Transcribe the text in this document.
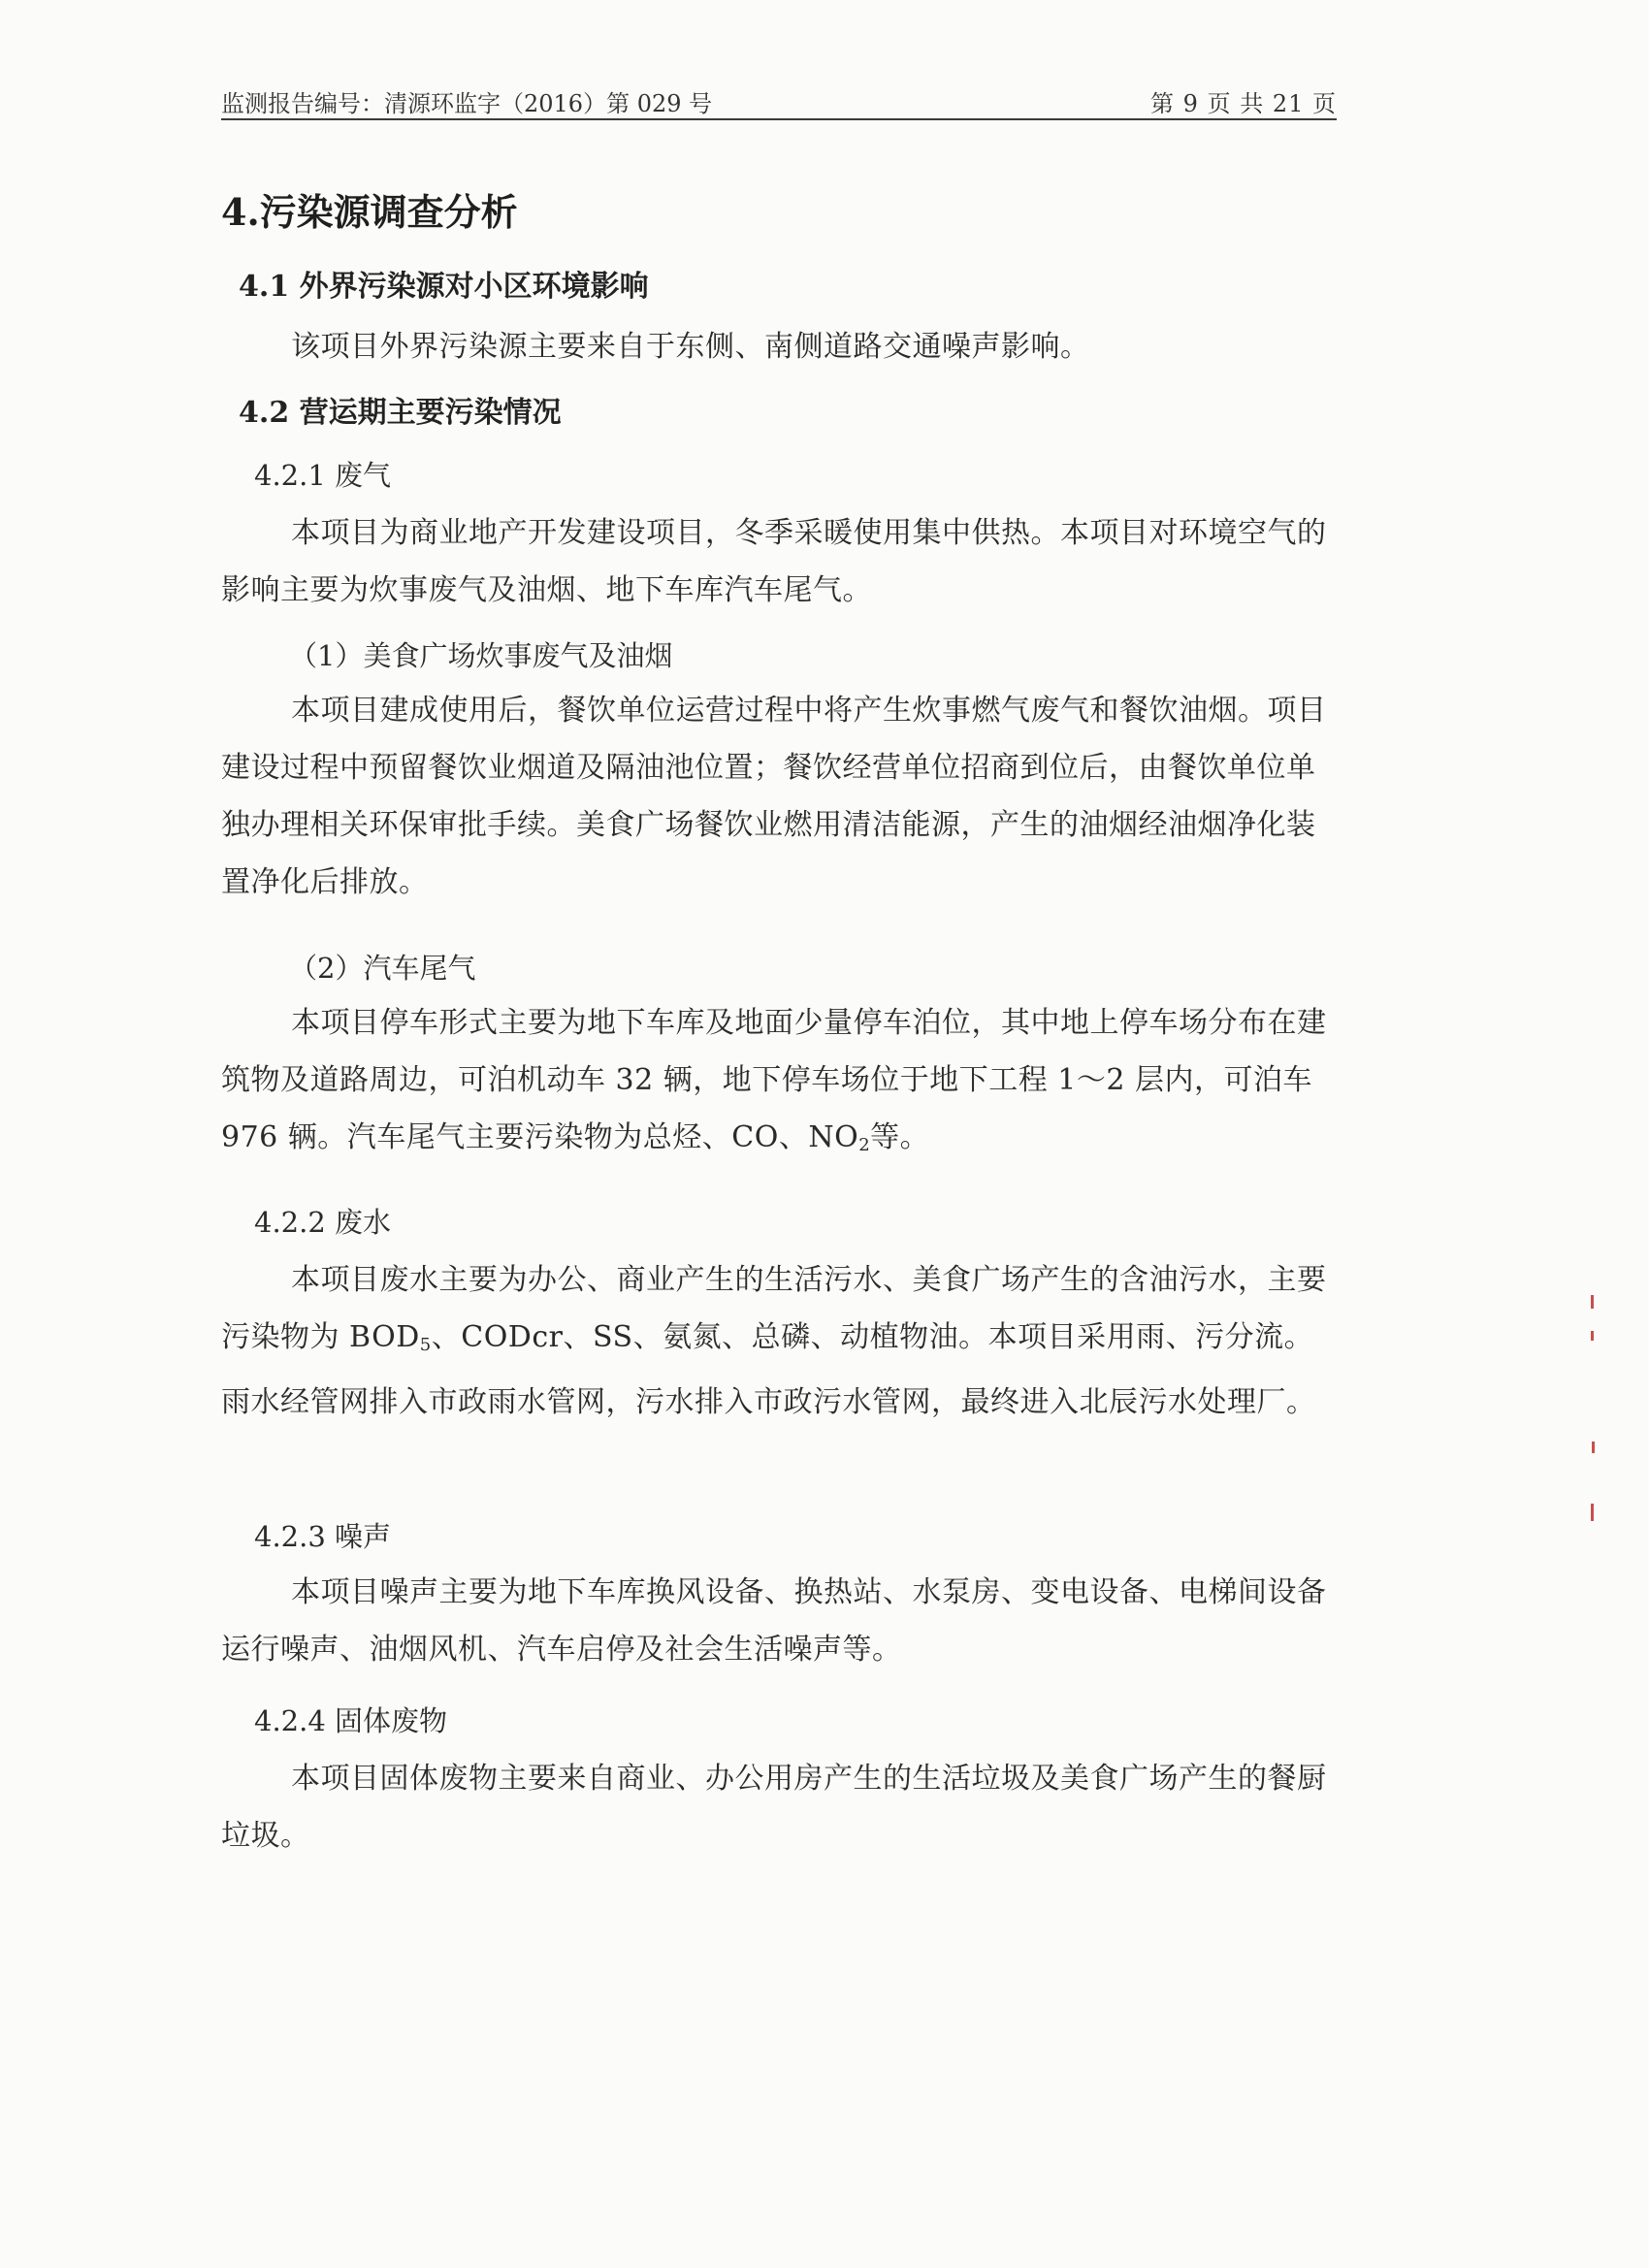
监测报告编号：清源环监字（2016）第 029 号	第 9 页 共 21 页
4.污染源调查分析
4.1 外界污染源对小区环境影响
该项目外界污染源主要来自于东侧、南侧道路交通噪声影响。
4.2 营运期主要污染情况
4.2.1 废气
本项目为商业地产开发建设项目，冬季采暖使用集中供热。本项目对环境空气的影响主要为炊事废气及油烟、地下车库汽车尾气。
（1）美食广场炊事废气及油烟
本项目建成使用后，餐饮单位运营过程中将产生炊事燃气废气和餐饮油烟。项目建设过程中预留餐饮业烟道及隔油池位置；餐饮经营单位招商到位后，由餐饮单位单独办理相关环保审批手续。美食广场餐饮业燃用清洁能源，产生的油烟经油烟净化装置净化后排放。
（2）汽车尾气
本项目停车形式主要为地下车库及地面少量停车泊位，其中地上停车场分布在建筑物及道路周边，可泊机动车 32 辆，地下停车场位于地下工程 1～2 层内，可泊车 976 辆。汽车尾气主要污染物为总烃、CO、$NO_2$等。
4.2.2 废水
本项目废水主要为办公、商业产生的生活污水、美食广场产生的含油污水，主要污染物为 $BOD_5$、CODcr、SS、氨氮、总磷、动植物油。本项目采用雨、污分流。雨水经管网排入市政雨水管网，污水排入市政污水管网，最终进入北辰污水处理厂。
4.2.3 噪声
本项目噪声主要为地下车库换风设备、换热站、水泵房、变电设备、电梯间设备运行噪声、油烟风机、汽车启停及社会生活噪声等。
4.2.4 固体废物
本项目固体废物主要来自商业、办公用房产生的生活垃圾及美食广场产生的餐厨垃圾。
